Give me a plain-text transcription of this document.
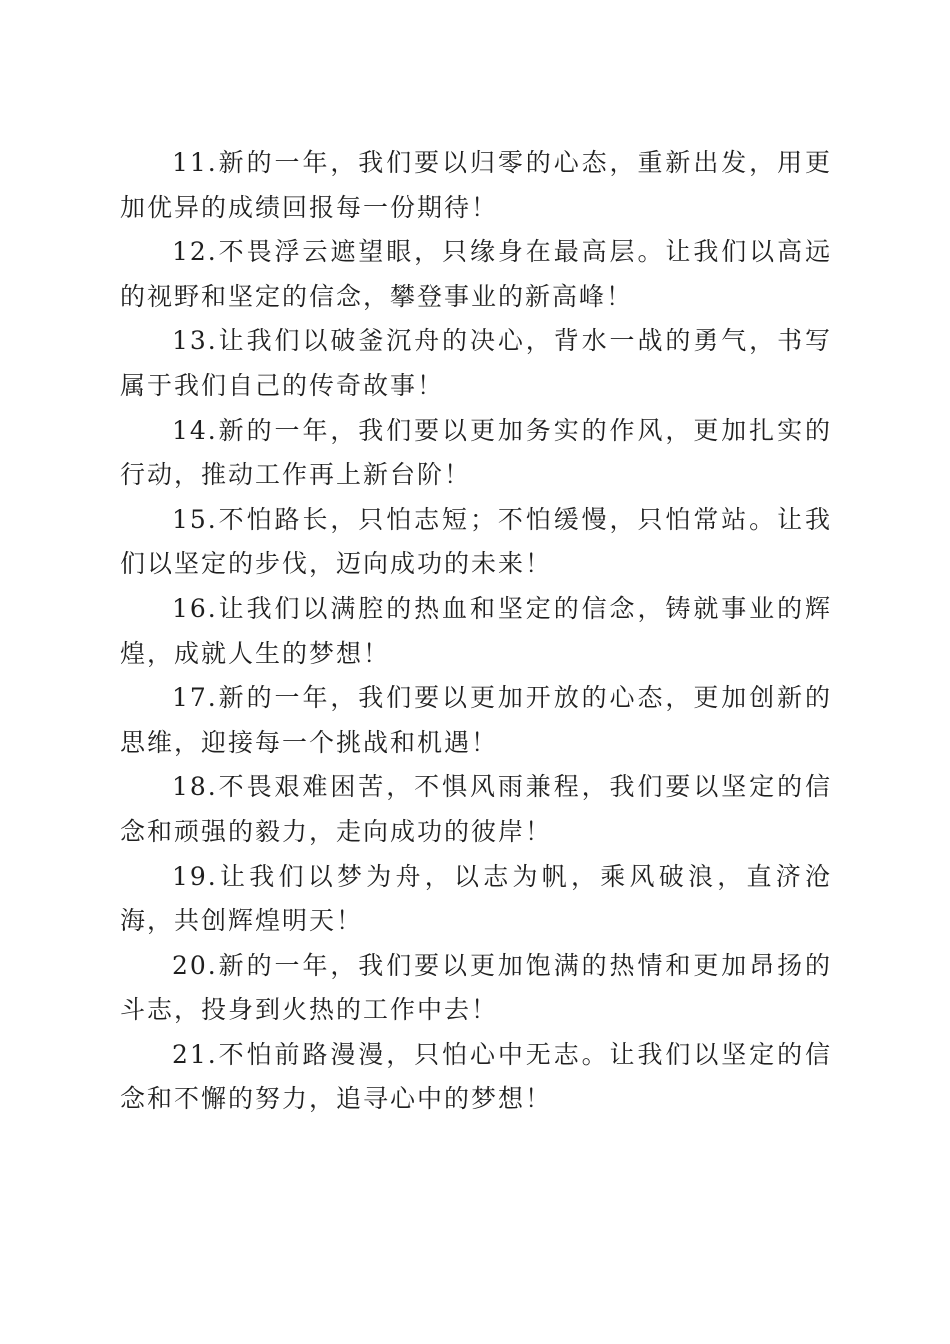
11.新的一年，我们要以归零的心态，重新出发，用更加优异的成绩回报每一份期待！

12.不畏浮云遮望眼，只缘身在最高层。让我们以高远的视野和坚定的信念，攀登事业的新高峰！

13.让我们以破釜沉舟的决心，背水一战的勇气，书写属于我们自己的传奇故事！

14.新的一年，我们要以更加务实的作风，更加扎实的行动，推动工作再上新台阶！

15.不怕路长，只怕志短；不怕缓慢，只怕常站。让我们以坚定的步伐，迈向成功的未来！

16.让我们以满腔的热血和坚定的信念，铸就事业的辉煌，成就人生的梦想！

17.新的一年，我们要以更加开放的心态，更加创新的思维，迎接每一个挑战和机遇！

18.不畏艰难困苦，不惧风雨兼程，我们要以坚定的信念和顽强的毅力，走向成功的彼岸！

19.让我们以梦为舟，以志为帆，乘风破浪，直济沧海，共创辉煌明天！

20.新的一年，我们要以更加饱满的热情和更加昂扬的斗志，投身到火热的工作中去！

21.不怕前路漫漫，只怕心中无志。让我们以坚定的信念和不懈的努力，追寻心中的梦想！
